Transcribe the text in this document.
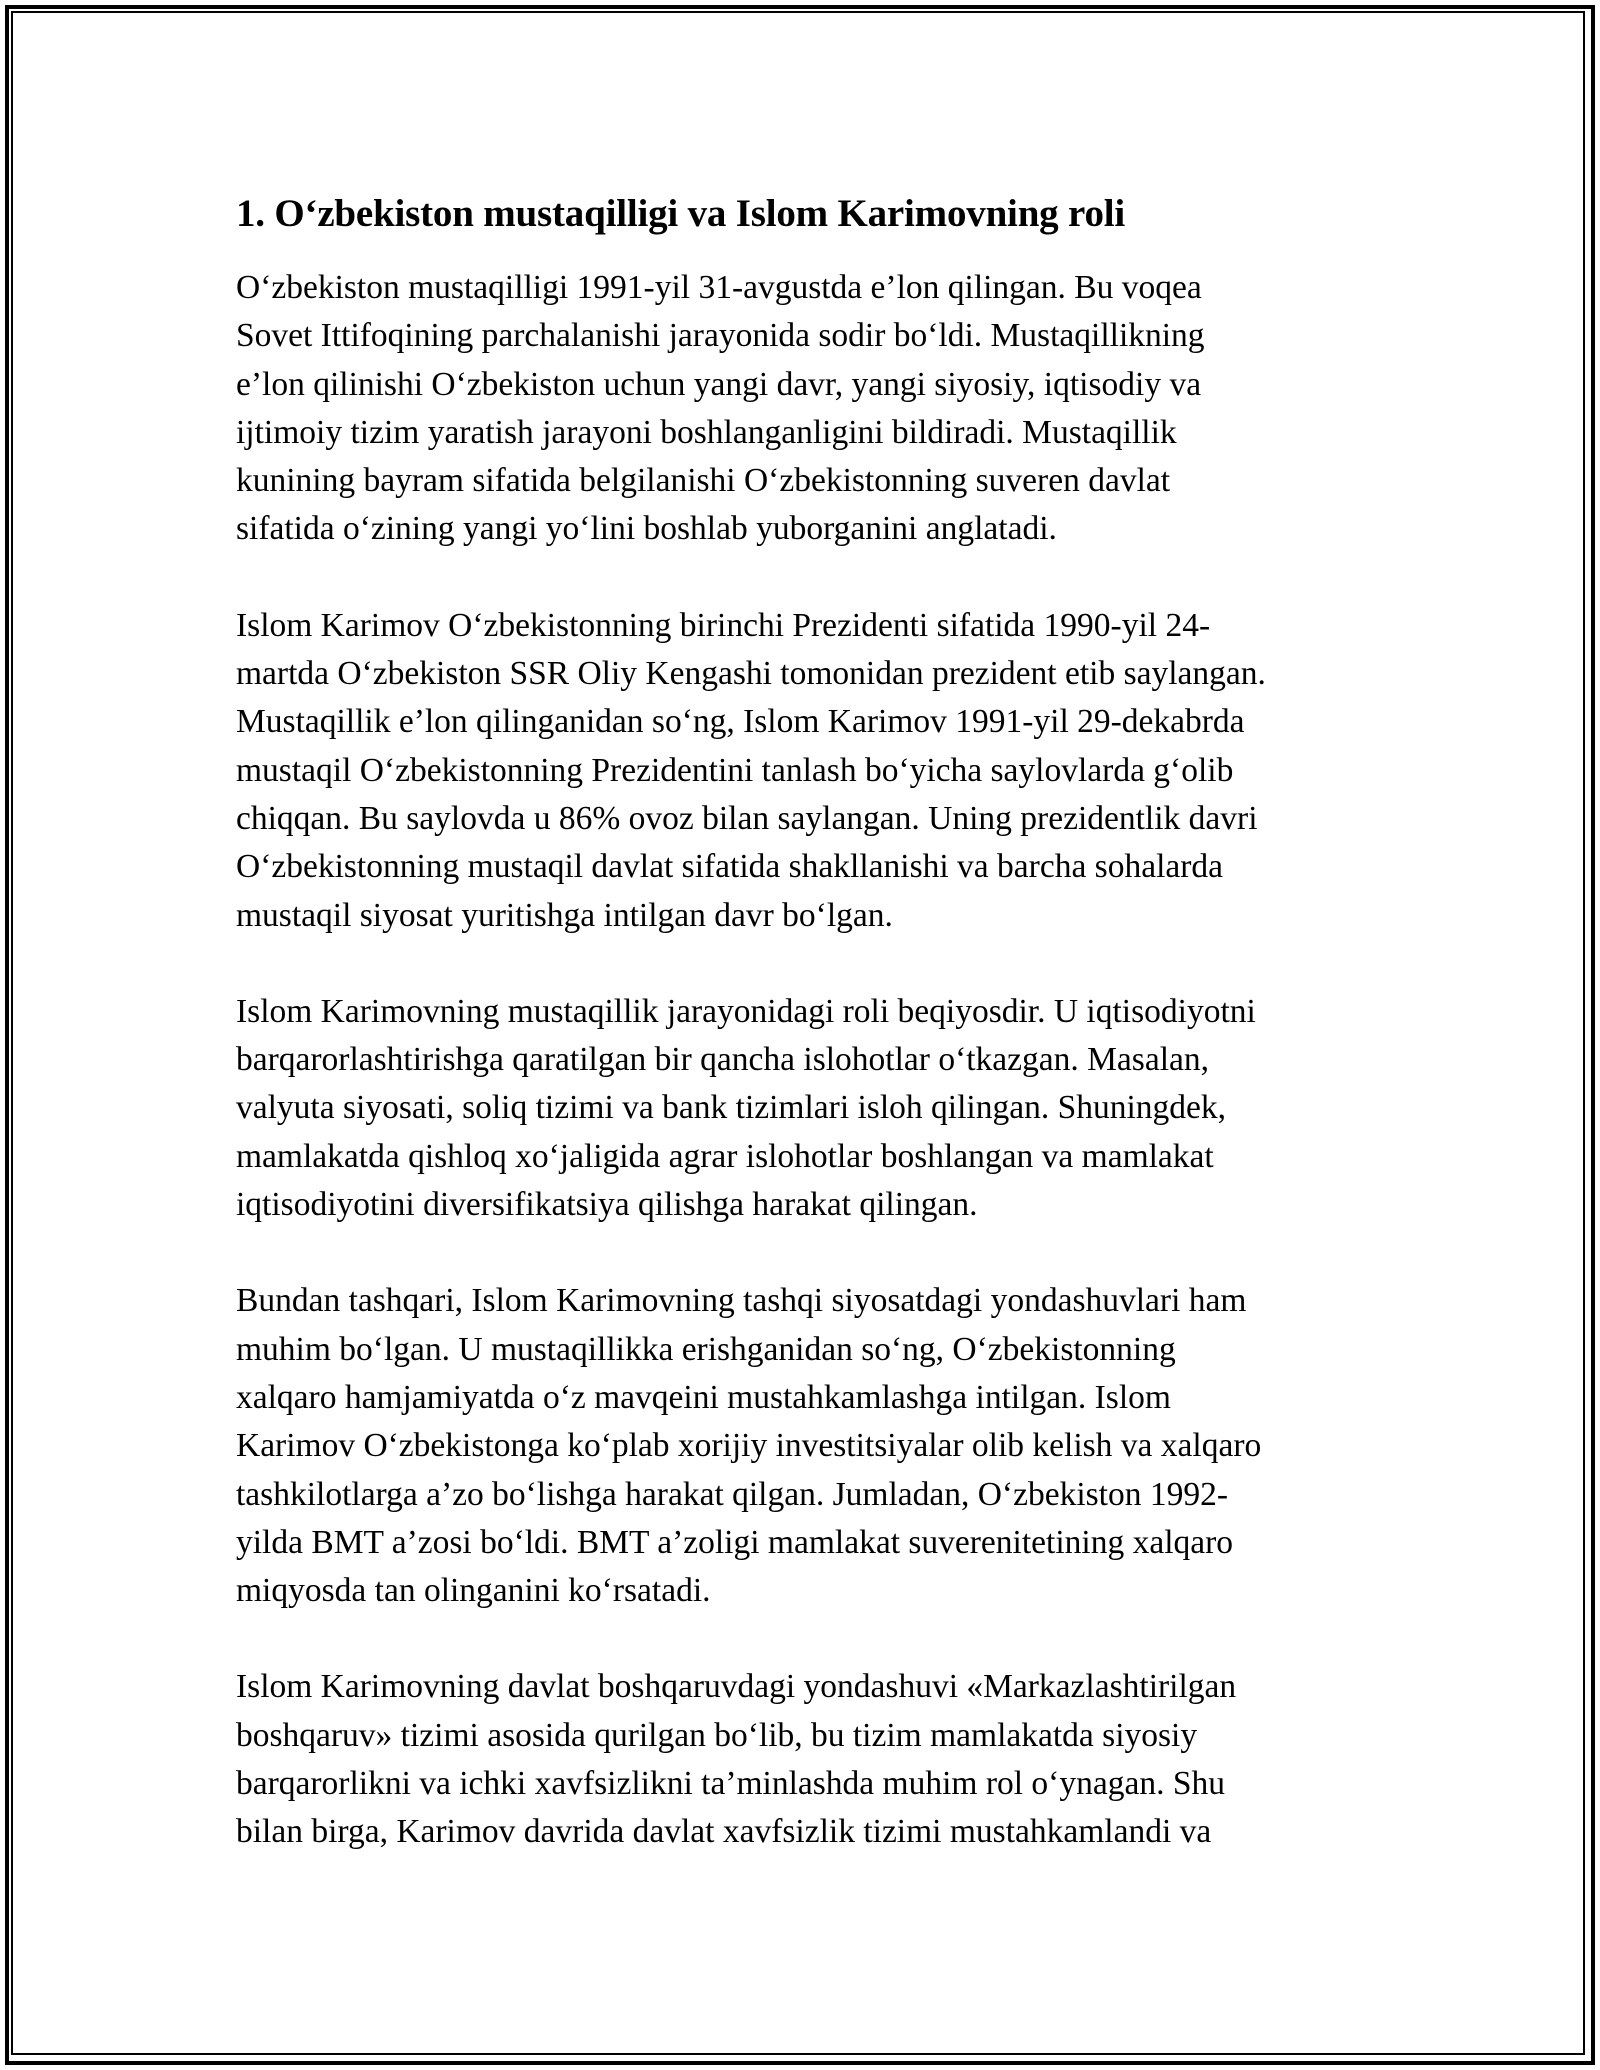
1. O‘zbekiston mustaqilligi va Islom Karimovning roli

O‘zbekiston mustaqilligi 1991-yil 31-avgustda e’lon qilingan. Bu voqea
Sovet Ittifoqining parchalanishi jarayonida sodir bo‘ldi. Mustaqillikning
e’lon qilinishi O‘zbekiston uchun yangi davr, yangi siyosiy, iqtisodiy va
ijtimoiy tizim yaratish jarayoni boshlanganligini bildiradi. Mustaqillik
kunining bayram sifatida belgilanishi O‘zbekistonning suveren davlat
sifatida o‘zining yangi yo‘lini boshlab yuborganini anglatadi.

Islom Karimov O‘zbekistonning birinchi Prezidenti sifatida 1990-yil 24-
martda O‘zbekiston SSR Oliy Kengashi tomonidan prezident etib saylangan.
Mustaqillik e’lon qilinganidan so‘ng, Islom Karimov 1991-yil 29-dekabrda
mustaqil O‘zbekistonning Prezidentini tanlash bo‘yicha saylovlarda g‘olib
chiqqan. Bu saylovda u 86% ovoz bilan saylangan. Uning prezidentlik davri
O‘zbekistonning mustaqil davlat sifatida shakllanishi va barcha sohalarda
mustaqil siyosat yuritishga intilgan davr bo‘lgan.

Islom Karimovning mustaqillik jarayonidagi roli beqiyosdir. U iqtisodiyotni
barqarorlashtirishga qaratilgan bir qancha islohotlar o‘tkazgan. Masalan,
valyuta siyosati, soliq tizimi va bank tizimlari isloh qilingan. Shuningdek,
mamlakatda qishloq xo‘jaligida agrar islohotlar boshlangan va mamlakat
iqtisodiyotini diversifikatsiya qilishga harakat qilingan.

Bundan tashqari, Islom Karimovning tashqi siyosatdagi yondashuvlari ham
muhim bo‘lgan. U mustaqillikka erishganidan so‘ng, O‘zbekistonning
xalqaro hamjamiyatda o‘z mavqeini mustahkamlashga intilgan. Islom
Karimov O‘zbekistonga ko‘plab xorijiy investitsiyalar olib kelish va xalqaro
tashkilotlarga a’zo bo‘lishga harakat qilgan. Jumladan, O‘zbekiston 1992-
yilda BMT a’zosi bo‘ldi. BMT a’zoligi mamlakat suverenitetining xalqaro
miqyosda tan olinganini ko‘rsatadi.

Islom Karimovning davlat boshqaruvdagi yondashuvi «Markazlashtirilgan
boshqaruv» tizimi asosida qurilgan bo‘lib, bu tizim mamlakatda siyosiy
barqarorlikni va ichki xavfsizlikni ta’minlashda muhim rol o‘ynagan. Shu
bilan birga, Karimov davrida davlat xavfsizlik tizimi mustahkamlandi va
